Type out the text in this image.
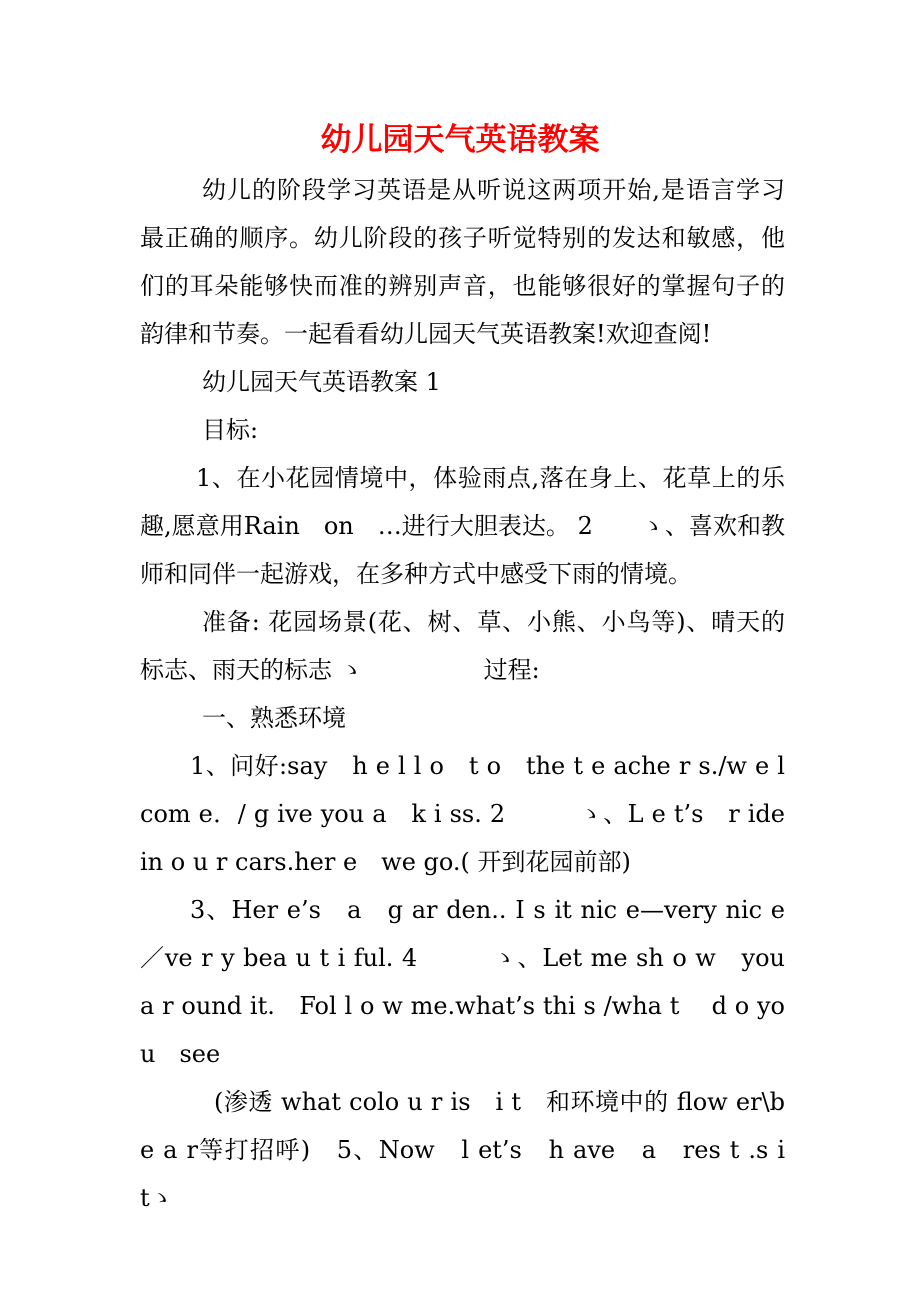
幼儿园天气英语教案
幼儿的阶段学习英语是从听说这两项开始,是语言学习最正确的顺序。幼儿阶段的孩子听觉特别的发达和敏感，他们的耳朵能够快而准的辨别声音，也能够很好的掌握句子的韵律和节奏。一起看看幼儿园天气英语教案!欢迎查阅!
幼儿园天气英语教案 1
目标:
1、在小花园情境中，体验雨点,落在身上、花草上的乐趣,愿意用Rain　on　…进行大胆表达。 2　　ゝ、喜欢和教师和同伴一起游戏，在多种方式中感受下雨的情境。
准备: 花园场景(花、树、草、小熊、小鸟等)、晴天的标志、雨天的标志 ゝ　　　　　过程:
一、熟悉环境
1、问好:say　h e l l o　t o　the t e ache r s./w e lcom e．/ g ive you a　k i ss. 2　　　ゝ、L e t’s　r ide in o u r cars.her e　we go.( 开到花园前部)
3、Her e’s　a　g ar den.. I s it nic e—very nic e ／ve r y bea u t i ful. 4　　　ゝ、Let me sh o w　you　a r ound it.　Fol l o w me.what’s thi s /wha t　 d o yo u　see
(渗透 what colo u r is　i t　和环境中的 flow er\be a r等打招呼)　5、Now　l et’s　h ave　a　res t .s i tゝ
